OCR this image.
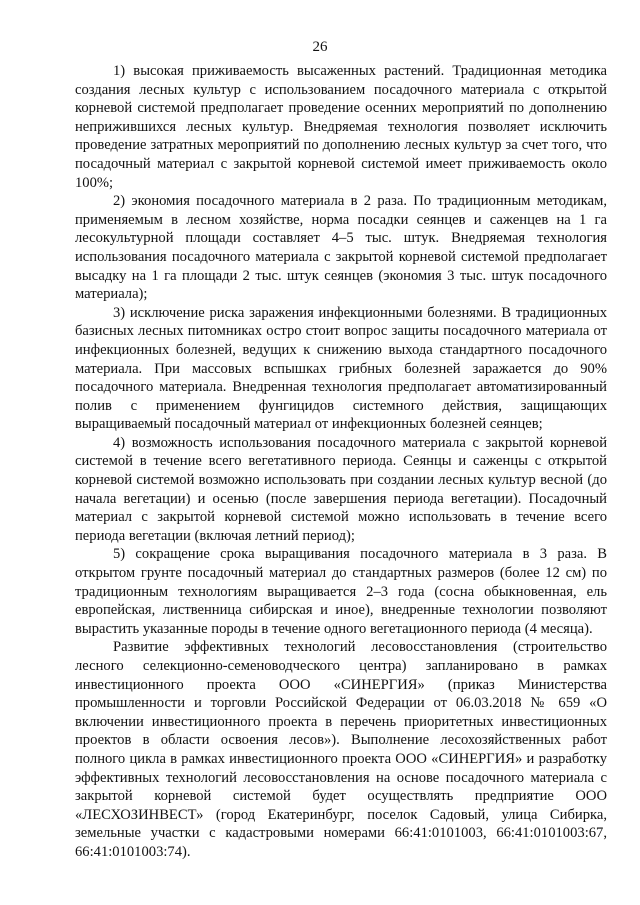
26

1) высокая приживаемость высаженных растений. Традиционная методика создания лесных культур с использованием посадочного материала с открытой корневой системой предполагает проведение осенних мероприятий по дополнению неприжившихся лесных культур. Внедряемая технология позволяет исключить проведение затратных мероприятий по дополнению лесных культур за счет того, что посадочный материал с закрытой корневой системой имеет приживаемость около 100%;

2) экономия посадочного материала в 2 раза. По традиционным методикам, применяемым в лесном хозяйстве, норма посадки сеянцев и саженцев на 1 га лесокультурной площади составляет 4–5 тыс. штук. Внедряемая технология использования посадочного материала с закрытой корневой системой предполагает высадку на 1 га площади 2 тыс. штук сеянцев (экономия 3 тыс. штук посадочного материала);

3) исключение риска заражения инфекционными болезнями. В традиционных базисных лесных питомниках остро стоит вопрос защиты посадочного материала от инфекционных болезней, ведущих к снижению выхода стандартного посадочного материала. При массовых вспышках грибных болезней заражается до 90% посадочного материала. Внедренная технология предполагает автоматизированный полив с применением фунгицидов системного действия, защищающих выращиваемый посадочный материал от инфекционных болезней сеянцев;

4) возможность использования посадочного материала с закрытой корневой системой в течение всего вегетативного периода. Сеянцы и саженцы с открытой корневой системой возможно использовать при создании лесных культур весной (до начала вегетации) и осенью (после завершения периода вегетации). Посадочный материал с закрытой корневой системой можно использовать в течение всего периода вегетации (включая летний период);

5) сокращение срока выращивания посадочного материала в 3 раза. В открытом грунте посадочный материал до стандартных размеров (более 12 см) по традиционным технологиям выращивается 2–3 года (сосна обыкновенная, ель европейская, лиственница сибирская и иное), внедренные технологии позволяют вырастить указанные породы в течение одного вегетационного периода (4 месяца).

Развитие эффективных технологий лесовосстановления (строительство лесного селекционно-семеноводческого центра) запланировано в рамках инвестиционного проекта ООО «СИНЕРГИЯ» (приказ Министерства промышленности и торговли Российской Федерации от 06.03.2018 № 659 «О включении инвестиционного проекта в перечень приоритетных инвестиционных проектов в области освоения лесов»). Выполнение лесохозяйственных работ полного цикла в рамках инвестиционного проекта ООО «СИНЕРГИЯ» и разработку эффективных технологий лесовосстановления на основе посадочного материала с закрытой корневой системой будет осуществлять предприятие ООО «ЛЕСХОЗИНВЕСТ» (город Екатеринбург, поселок Садовый, улица Сибирка, земельные участки с кадастровыми номерами 66:41:0101003, 66:41:0101003:67, 66:41:0101003:74).
